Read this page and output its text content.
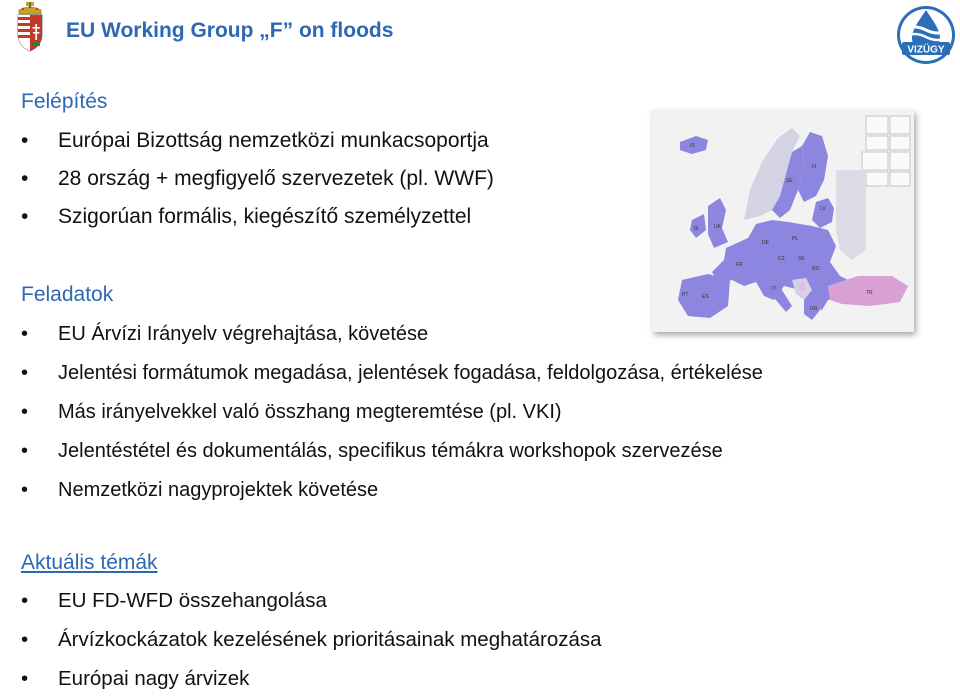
EU Working Group „F” on floods
VIZÜGY
IS
SE
FI
LV
UK
IE
DE
PL
CZ	SK
RO
FR
ES
PT
IT
GR
TR
Felépítés
• Európai Bizottság nemzetközi munkacsoportja
• 28 ország + megfigyelő szervezetek (pl. WWF)
• Szigorúan formális, kiegészítő személyzettel
Feladatok
• EU Árvízi Irányelv végrehajtása, követése
• Jelentési formátumok megadása, jelentések fogadása, feldolgozása, értékelése
• Más irányelvekkel való összhang megteremtése (pl. VKI)
• Jelentéstétel és dokumentálás, specifikus témákra workshopok szervezése
• Nemzetközi nagyprojektek követése
Aktuális témák
• EU FD-WFD összehangolása
• Árvízkockázatok kezelésének prioritásainak meghatározása
• Európai nagy árvizek
